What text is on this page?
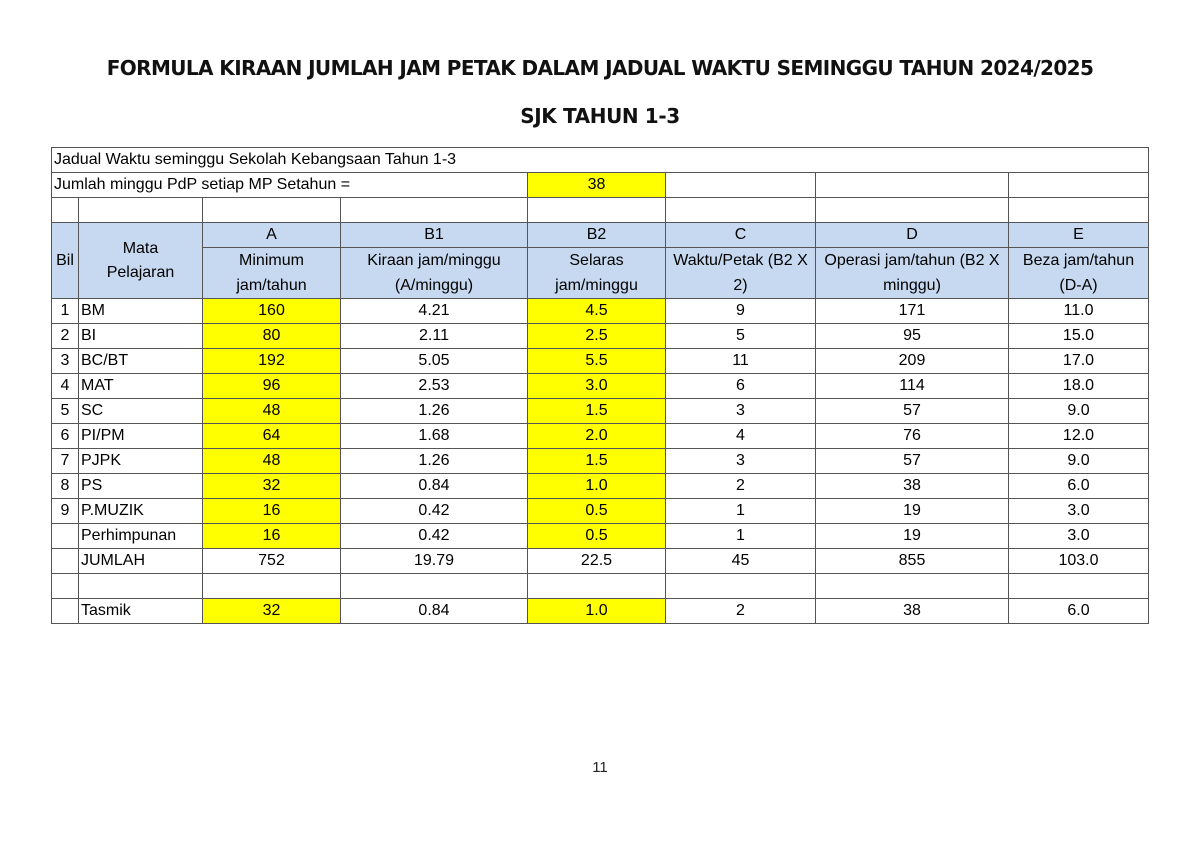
FORMULA KIRAAN JUMLAH JAM PETAK DALAM JADUAL WAKTU SEMINGGU TAHUN 2024/2025
SJK TAHUN 1-3
Jadual Waktu seminggu Sekolah Kebangsaan Tahun 1-3							
Jumlah minggu PdP setiap MP Setahun =				38			

Bil	Mata Pelajaran	A	B1	B2	C	D	E
		Minimum jam/tahun	Kiraan jam/minggu (A/minggu)	Selaras jam/minggu	Waktu/Petak (B2 X 2)	Operasi jam/tahun (B2 X minggu)	Beza jam/tahun (D-A)
1	BM	160	4.21	4.5	9	171	11.0
2	BI	80	2.11	2.5	5	95	15.0
3	BC/BT	192	5.05	5.5	11	209	17.0
4	MAT	96	2.53	3.0	6	114	18.0
5	SC	48	1.26	1.5	3	57	9.0
6	PI/PM	64	1.68	2.0	4	76	12.0
7	PJPK	48	1.26	1.5	3	57	9.0
8	PS	32	0.84	1.0	2	38	6.0
9	P.MUZIK	16	0.42	0.5	1	19	3.0
	Perhimpunan	16	0.42	0.5	1	19	3.0
	JUMLAH	752	19.79	22.5	45	855	103.0

	Tasmik	32	0.84	1.0	2	38	6.0
11
